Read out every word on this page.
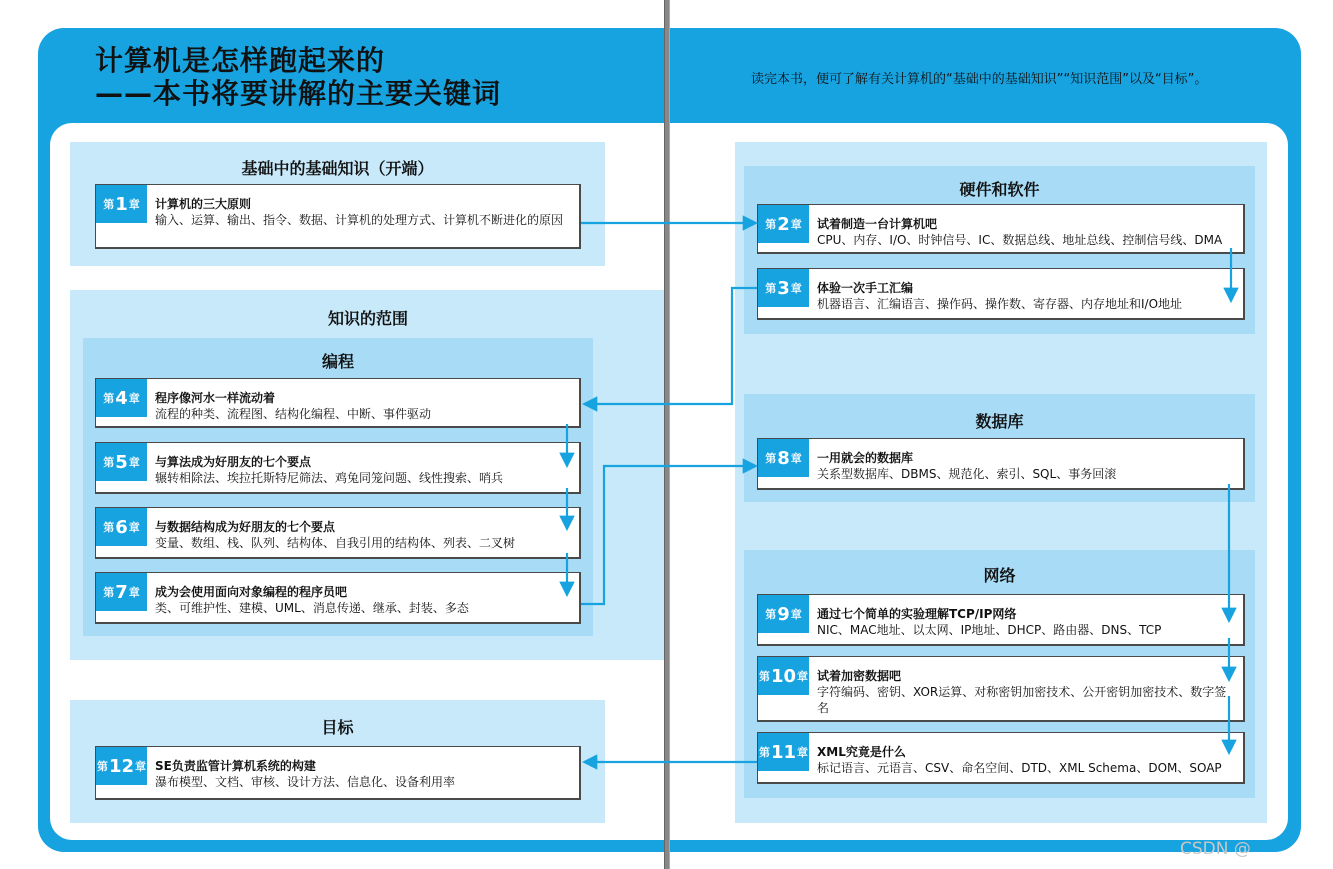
计算机是怎样跑起来的
——本书将要讲解的主要关键词	读完本书，便可了解有关计算机的“基础中的基础知识”“知识范围”以及“目标”。
基础中的基础知识（开端）
知识的范围
编程
目标
硬件和软件
数据库
网络
第 1 章 计算机的三大原则
输入、运算、输出、指令、数据、计算机的处理方式、计算机不断进化的原因	第 2 章 试着制造一台计算机吧
CPU、内存、I/O、时钟信号、IC、数据总线、地址总线、控制信号线、DMA
第 3 章 体验一次手工汇编
机器语言、汇编语言、操作码、操作数、寄存器、内存地址和I/O地址
第 4 章 程序像河水一样流动着
流程的种类、流程图、结构化编程、中断、事件驱动
第 5 章 与算法成为好朋友的七个要点
辗转相除法、埃拉托斯特尼筛法、鸡兔同笼问题、线性搜索、哨兵
第 6 章 与数据结构成为好朋友的七个要点
变量、数组、栈、队列、结构体、自我引用的结构体、列表、二叉树
第 7 章 成为会使用面向对象编程的程序员吧
类、可维护性、建模、UML、消息传递、继承、封装、多态
第 8 章 一用就会的数据库
关系型数据库、DBMS、规范化、索引、SQL、事务回滚
第 9 章 通过七个简单的实验理解TCP/IP网络
NIC、MAC地址、以太网、IP地址、DHCP、路由器、DNS、TCP
第 10 章 试着加密数据吧
字符编码、密钥、XOR运算、对称密钥加密技术、公开密钥加密技术、数字签名
第 11 章 XML究竟是什么
标记语言、元语言、CSV、命名空间、DTD、XML Schema、DOM、SOAP
第 12 章 SE负责监管计算机系统的构建
瀑布模型、文档、审核、设计方法、信息化、设备利用率
CSDN @
